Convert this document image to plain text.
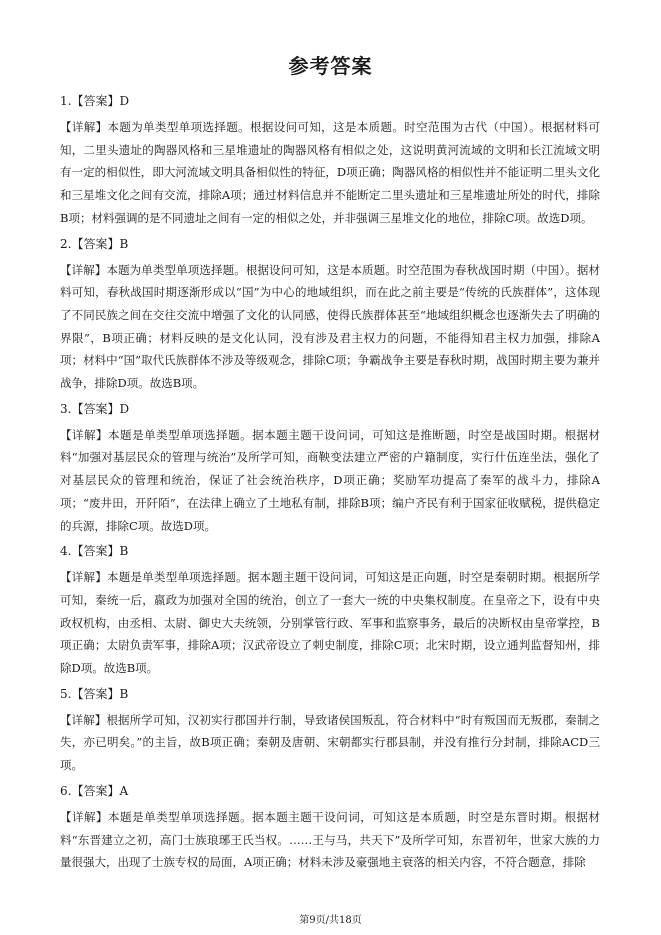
参考答案

1.【答案】D

【详解】本题为单类型单项选择题。根据设问可知，这是本质题。时空范围为古代（中国）。根据材料可知，二里头遗址的陶器风格和三星堆遗址的陶器风格有相似之处，这说明黄河流域的文明和长江流域文明有一定的相似性，即大河流域文明具备相似性的特征，D项正确；陶器风格的相似性并不能证明二里头文化和三星堆文化之间有交流，排除A项；通过材料信息并不能断定二里头遗址和三星堆遗址所处的时代，排除B项；材料强调的是不同遗址之间有一定的相似之处，并非强调三星堆文化的地位，排除C项。故选D项。

2.【答案】B

【详解】本题为单类型单项选择题。根据设问可知，这是本质题。时空范围为春秋战国时期（中国）。据材料可知，春秋战国时期逐渐形成以“国”为中心的地域组织，而在此之前主要是“传统的氏族群体”，这体现了不同民族之间在交往交流中增强了文化的认同感，使得氏族群体甚至“地域组织概念也逐渐失去了明确的界限”，B项正确；材料反映的是文化认同，没有涉及君主权力的问题，不能得知君主权力加强，排除A项；材料中“国”取代氏族群体不涉及等级观念，排除C项；争霸战争主要是春秋时期，战国时期主要为兼并战争，排除D项。故选B项。

3.【答案】D

【详解】本题是单类型单项选择题。据本题主题干设问词，可知这是推断题，时空是战国时期。根据材料“加强对基层民众的管理与统治”及所学可知，商鞅变法建立严密的户籍制度，实行什伍连坐法，强化了对基层民众的管理和统治，保证了社会统治秩序，D项正确；奖励军功提高了秦军的战斗力，排除A项；“废井田，开阡陌”，在法律上确立了土地私有制，排除B项；编户齐民有利于国家征收赋税，提供稳定的兵源，排除C项。故选D项。

4.【答案】B

【详解】本题是单类型单项选择题。据本题主题干设问词，可知这是正向题，时空是秦朝时期。根据所学可知，秦统一后，嬴政为加强对全国的统治，创立了一套大一统的中央集权制度。在皇帝之下，设有中央政权机构，由丞相、太尉、御史大夫统领，分别掌管行政、军事和监察事务，最后的决断权由皇帝掌控，B项正确；太尉负责军事，排除A项；汉武帝设立了刺史制度，排除C项；北宋时期，设立通判监督知州，排除D项。故选B项。

5.【答案】B

【详解】根据所学可知，汉初实行郡国并行制，导致诸侯国叛乱，符合材料中“时有叛国而无叛郡，秦制之失，亦已明矣。”的主旨，故B项正确；秦朝及唐朝、宋朝都实行郡县制，并没有推行分封制，排除ACD三项。

6.【答案】A

【详解】本题是单类型单项选择题。据本题主题干设问词，可知这是本质题，时空是东晋时期。根据材料“东晋建立之初，高门士族琅琊王氏当权。……王与马，共天下”及所学可知，东晋初年，世家大族的力量很强大，出现了士族专权的局面，A项正确；材料未涉及豪强地主衰落的相关内容，不符合题意，排除

第9页/共18页
